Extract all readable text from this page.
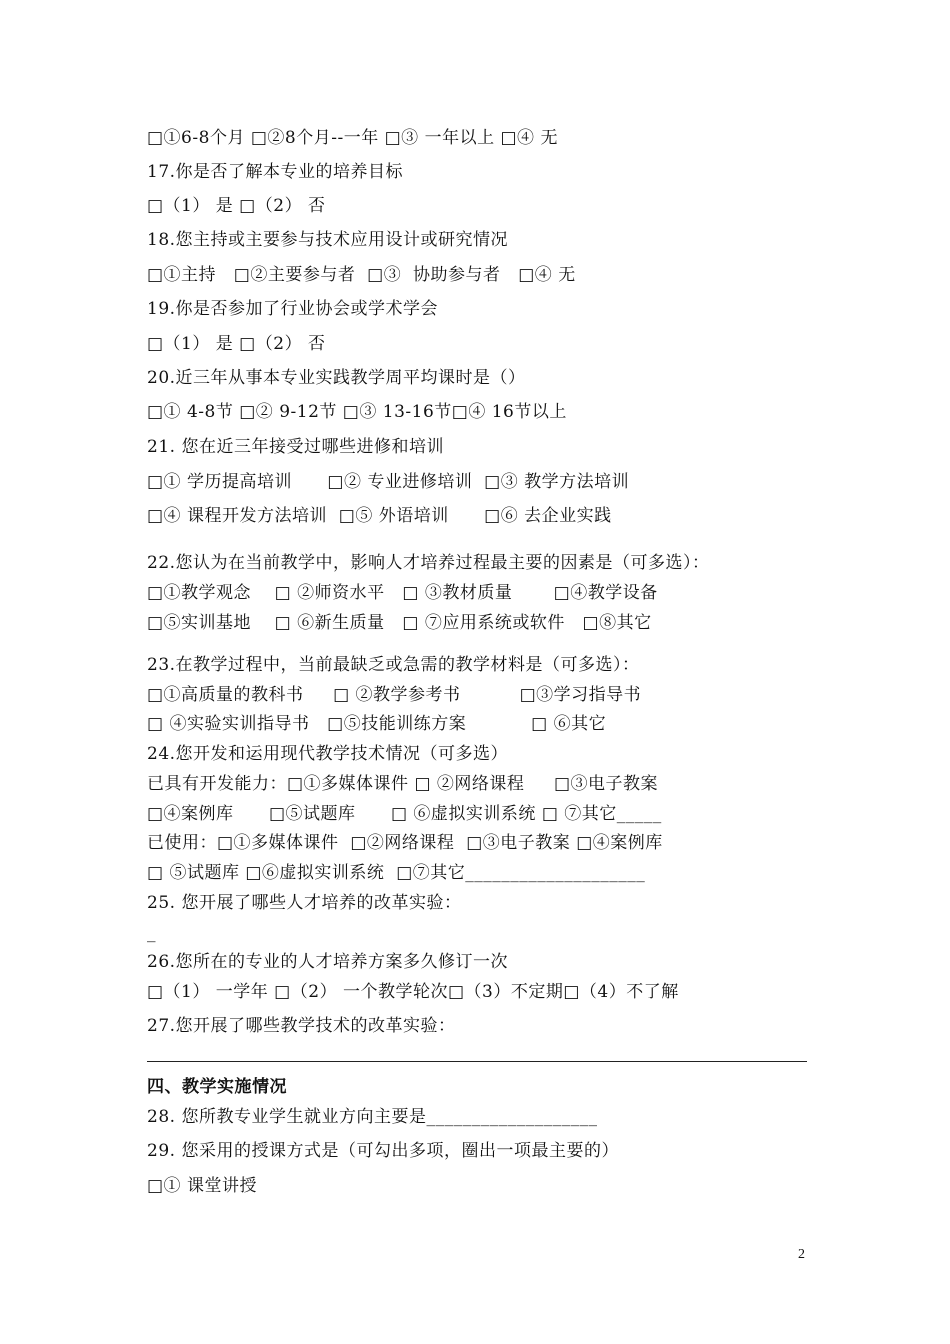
□①6-8个月 □②8个月--一年 □③ 一年以上 □④ 无
17.你是否了解本专业的培养目标
□（1） 是 □（2） 否
18.您主持或主要参与技术应用设计或研究情况
□①主持   □②主要参与者  □③  协助参与者   □④ 无
19.你是否参加了行业协会或学术学会
□（1） 是 □（2） 否
20.近三年从事本专业实践教学周平均课时是（）
□① 4-8节 □② 9-12节 □③ 13-16节□④ 16节以上
21. 您在近三年接受过哪些进修和培训
□① 学历提高培训      □② 专业进修培训  □③ 教学方法培训
□④ 课程开发方法培训  □⑤ 外语培训      □⑥ 去企业实践
22.您认为在当前教学中，影响人才培养过程最主要的因素是（可多选）：
□①教学观念    □ ②师资水平   □ ③教材质量       □④教学设备
□⑤实训基地    □ ⑥新生质量   □ ⑦应用系统或软件   □⑧其它
23.在教学过程中，当前最缺乏或急需的教学材料是（可多选）：
□①高质量的教科书     □ ②教学参考书          □③学习指导书
□ ④实验实训指导书   □⑤技能训练方案           □ ⑥其它
24.您开发和运用现代教学技术情况（可多选）
已具有开发能力：□①多媒体课件 □ ②网络课程     □③电子教案
□④案例库      □⑤试题库      □ ⑥虚拟实训系统 □ ⑦其它_____
已使用：□①多媒体课件  □②网络课程  □③电子教案 □④案例库
□ ⑤试题库 □⑥虚拟实训系统  □⑦其它____________________
25. 您开展了哪些人才培养的改革实验：
_
26.您所在的专业的人才培养方案多久修订一次
□（1） 一学年 □（2） 一个教学轮次□（3）不定期□（4）不了解
27.您开展了哪些教学技术的改革实验：
四、教学实施情况
28. 您所教专业学生就业方向主要是___________________
29. 您采用的授课方式是（可勾出多项，圈出一项最主要的）
□① 课堂讲授
2
